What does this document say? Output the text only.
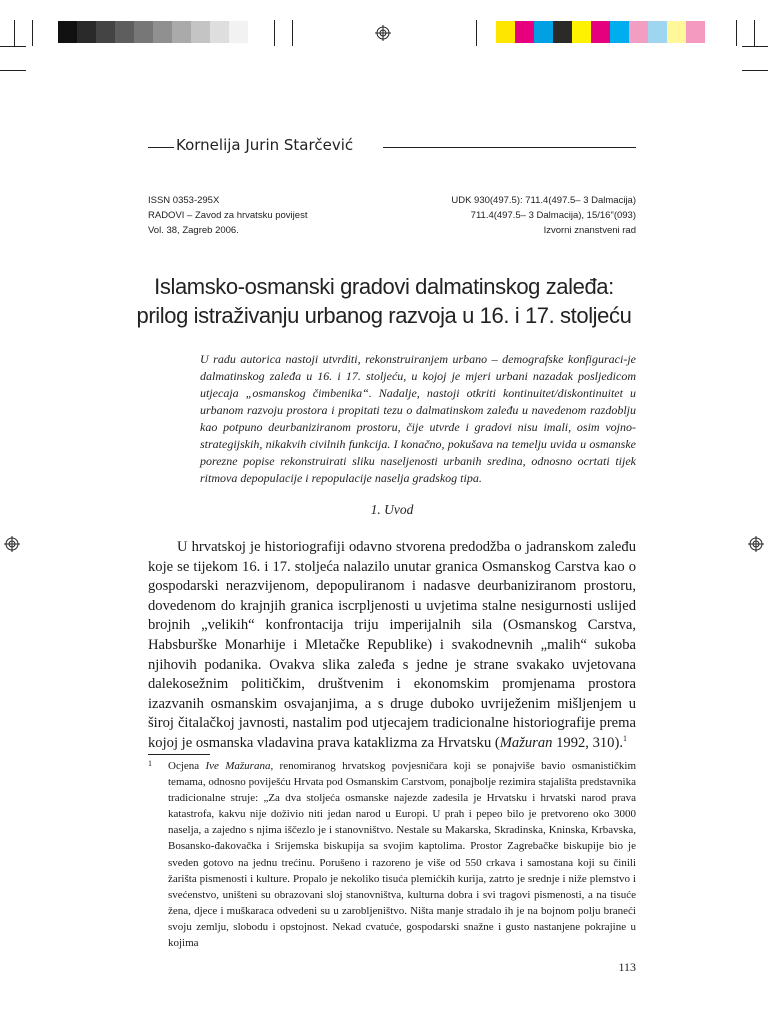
Kornelija Jurin Starčević
ISSN 0353-295X
RADOVI – Zavod za hrvatsku povijest
Vol. 38, Zagreb 2006.
UDK 930(497.5): 711.4(497.5– 3 Dalmacija)
711.4(497.5– 3 Dalmacija), 15/16"(093)
Izvorni znanstveni rad
Islamsko-osmanski gradovi dalmatinskog zaleđa:
prilog istraživanju urbanog razvoja u 16. i 17. stoljeću
U radu autorica nastoji utvrditi, rekonstruiranjem urbano – demografske konfiguraci-je dalmatinskog zaleđa u 16. i 17. stoljeću, u kojoj je mjeri urbani nazadak posljedicom utjecaja „osmanskog čimbenika“. Nadalje, nastoji otkriti kontinuitet/diskontinuitet u urbanom razvoju prostora i propitati tezu o dalmatinskom zaleđu u navedenom razdoblju kao potpuno deurbaniziranom prostoru, čije utvrde i gradovi nisu imali, osim vojno-strategijskih, nikakvih civilnih funkcija. I konačno, pokušava na temelju uvida u osmanske porezne popise rekonstruirati sliku naseljenosti urbanih sredina, odnosno ocrtati tijek ritmova depopulacije i repopulacije naselja gradskog tipa.
1. Uvod

U hrvatskoj je historiografiji odavno stvorena predodžba o jadranskom zaleđu koje se tijekom 16. i 17. stoljeća nalazilo unutar granica Osmanskog Carstva kao o gospodarski nerazvijenom, depopuliranom i nadasve deurbaniziranom prostoru, dovedenom do krajnjih granica iscrpljenosti u uvjetima stalne nesigurnosti uslijed brojnih „velikih“ konfrontacija triju imperijalnih sila (Osmanskog Carstva, Habsburške Monarhije i Mletačke Republike) i svakodnevnih „malih“ sukoba njihovih podanika. Ovakva slika zaleđa s jedne je strane svakako uvjetovana dalekosežnim političkim, društvenim i ekonomskim promjenama prostora izazvanih osmanskim osvajanjima, a s druge duboko uvriježenim mišljenjem u široj čitalačkoj javnosti, nastalim pod utjecajem tradicionalne historiografije prema kojoj je osmanska vladavina prava kataklizma za Hrvatsku (Mažuran 1992, 310).$^1$

1 Ocjena Ive Mažurana, renomiranog hrvatskog povjesničara koji se ponajviše bavio osmanističkim temama, odnosno poviješću Hrvata pod Osmanskim Carstvom, ponajbolje rezimira stajališta predstavnika tradicionalne struje: „Za dva stoljeća osmanske najezde zadesila je Hrvatsku i hrvatski narod prava katastrofa, kakvu nije doživio niti jedan narod u Europi. U prah i pepeo bilo je pretvoreno oko 3000 naselja, a zajedno s njima iščezlo je i stanovništvo. Nestale su Makarska, Skradinska, Kninska, Krbavska, Bosansko-đakovačka i Srijemska biskupija sa svojim kaptolima. Prostor Zagrebačke biskupije bio je sveden gotovo na jednu trećinu. Porušeno i razoreno je više od 550 crkava i samostana koji su činili žarišta pismenosti i kulture. Propalo je nekoliko tisuća plemićkih kurija, zatrto je srednje i niže plemstvo i svećenstvo, uništeni su obrazovani sloj stanovništva, kulturna dobra i svi tragovi pismenosti, a na tisuće žena, djece i muškaraca odvedeni su u zarobljeništvo. Ništa manje stradalo ih je na bojnom polju braneći svoju zemlju, slobodu i opstojnost. Nekad cvatuće, gospodarski snažne i gusto nastanjene pokrajine u kojima
113
